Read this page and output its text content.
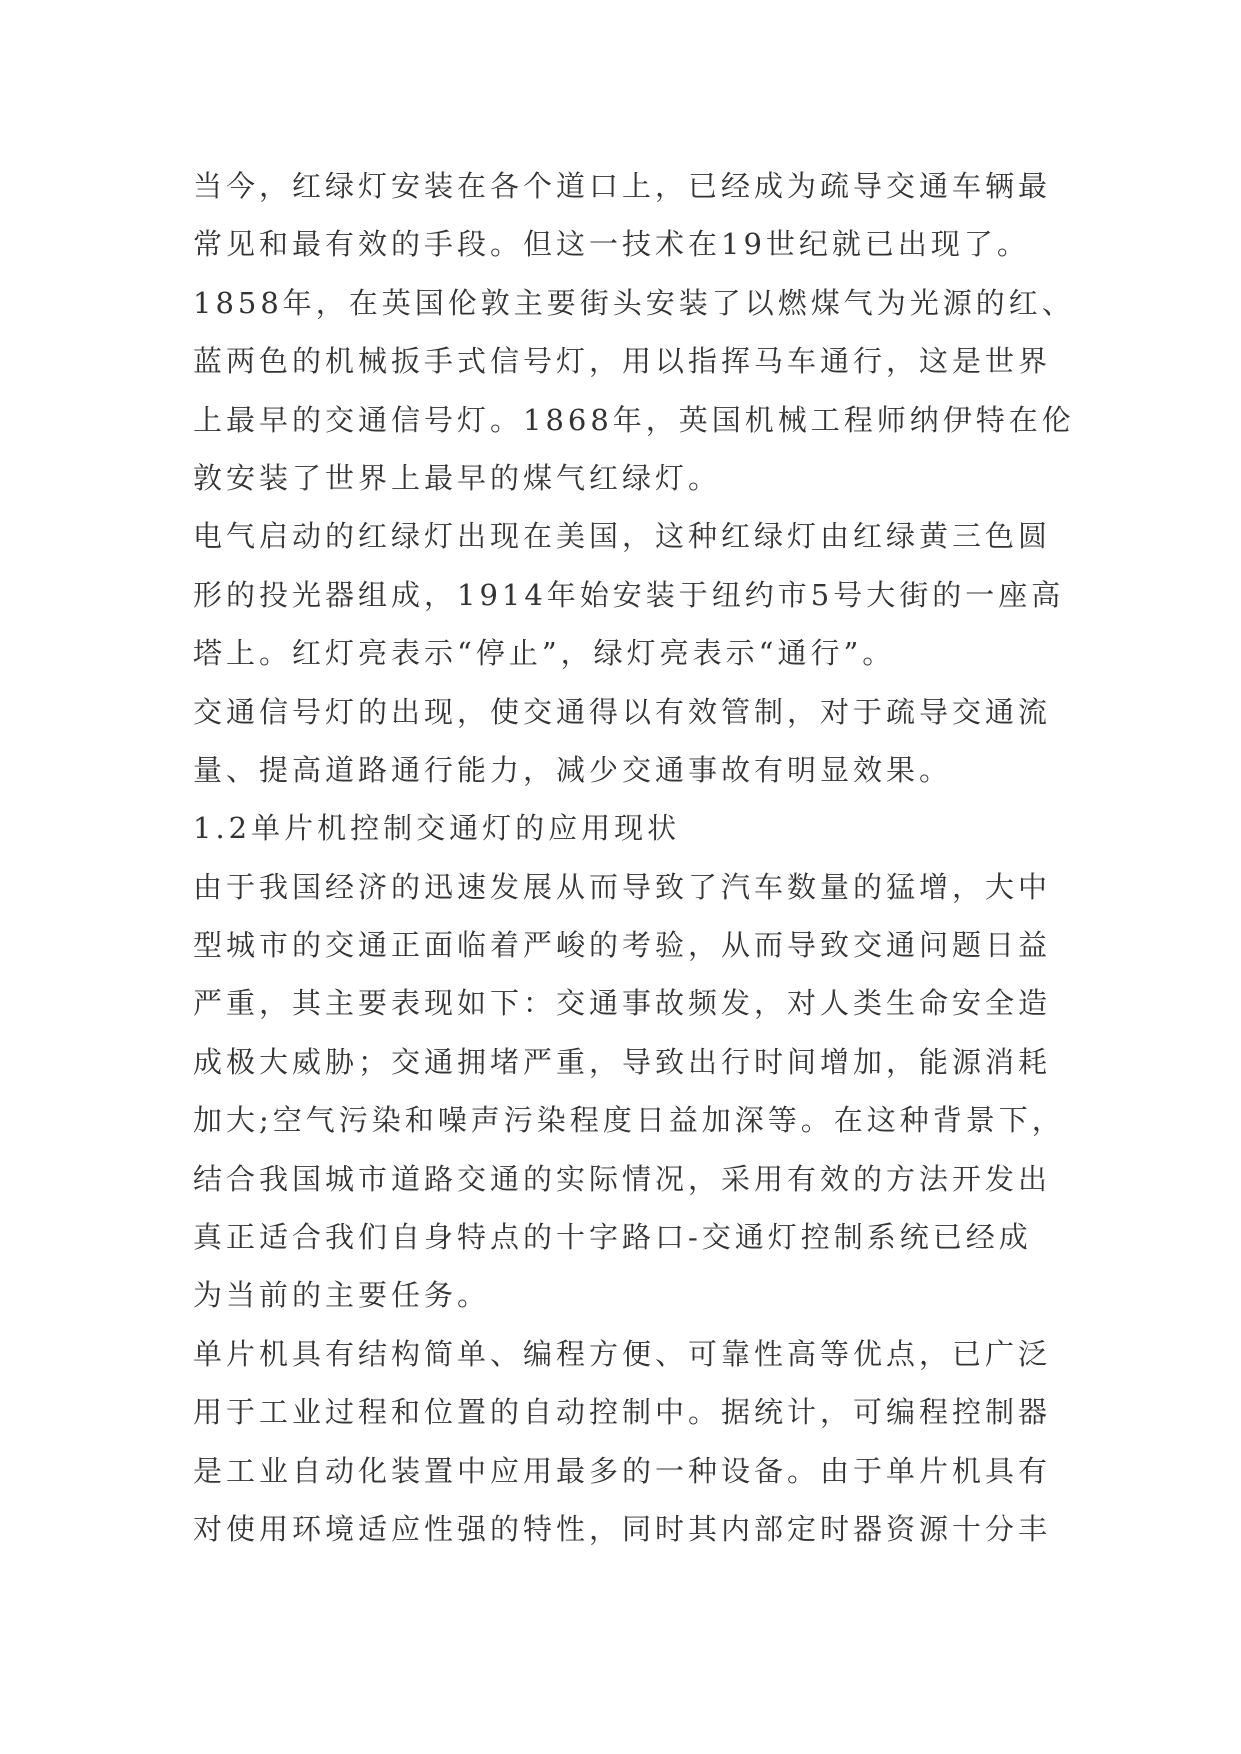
当今，红绿灯安装在各个道口上，已经成为疏导交通车辆最
常见和最有效的手段。但这一技术在19世纪就已出现了。
1858年，在英国伦敦主要街头安装了以燃煤气为光源的红、
蓝两色的机械扳手式信号灯，用以指挥马车通行，这是世界
上最早的交通信号灯。1868年，英国机械工程师纳伊特在伦
敦安装了世界上最早的煤气红绿灯。
电气启动的红绿灯出现在美国，这种红绿灯由红绿黄三色圆
形的投光器组成，1914年始安装于纽约市5号大街的一座高
塔上。红灯亮表示“停止”，绿灯亮表示“通行”。
交通信号灯的出现，使交通得以有效管制，对于疏导交通流
量、提高道路通行能力，减少交通事故有明显效果。
1.2单片机控制交通灯的应用现状
由于我国经济的迅速发展从而导致了汽车数量的猛增，大中
型城市的交通正面临着严峻的考验，从而导致交通问题日益
严重，其主要表现如下：交通事故频发，对人类生命安全造
成极大威胁；交通拥堵严重，导致出行时间增加，能源消耗
加大;空气污染和噪声污染程度日益加深等。在这种背景下，
结合我国城市道路交通的实际情况，采用有效的方法开发出
真正适合我们自身特点的十字路口-交通灯控制系统已经成
为当前的主要任务。
单片机具有结构简单、编程方便、可靠性高等优点，已广泛
用于工业过程和位置的自动控制中。据统计，可编程控制器
是工业自动化装置中应用最多的一种设备。由于单片机具有
对使用环境适应性强的特性，同时其内部定时器资源十分丰
